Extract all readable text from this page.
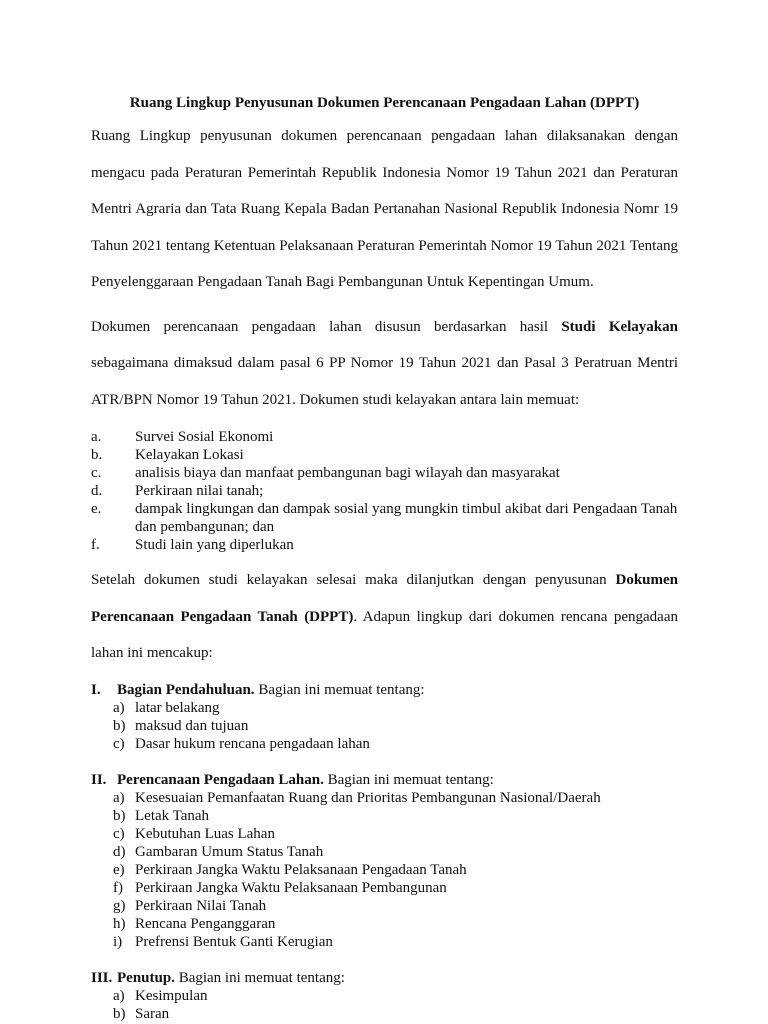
Ruang Lingkup Penyusunan Dokumen Perencanaan Pengadaan Lahan (DPPT)

Ruang Lingkup penyusunan dokumen perencanaan pengadaan lahan dilaksanakan dengan mengacu pada Peraturan Pemerintah Republik Indonesia Nomor 19 Tahun 2021 dan Peraturan Mentri Agraria dan Tata Ruang Kepala Badan Pertanahan Nasional Republik Indonesia Nomr 19 Tahun 2021 tentang Ketentuan Pelaksanaan Peraturan Pemerintah Nomor 19 Tahun 2021 Tentang Penyelenggaraan Pengadaan Tanah Bagi Pembangunan Untuk Kepentingan Umum.

Dokumen perencanaan pengadaan lahan disusun berdasarkan hasil Studi Kelayakan sebagaimana dimaksud dalam pasal 6 PP Nomor 19 Tahun 2021 dan Pasal 3 Peratruan Mentri ATR/BPN Nomor 19 Tahun 2021. Dokumen studi kelayakan antara lain memuat:

a. Survei Sosial Ekonomi
b. Kelayakan Lokasi
c. analisis biaya dan manfaat pembangunan bagi wilayah dan masyarakat
d. Perkiraan nilai tanah;
e. dampak lingkungan dan dampak sosial yang mungkin timbul akibat dari Pengadaan Tanah dan pembangunan; dan
f. Studi lain yang diperlukan

Setelah dokumen studi kelayakan selesai maka dilanjutkan dengan penyusunan Dokumen Perencanaan Pengadaan Tanah (DPPT). Adapun lingkup dari dokumen rencana pengadaan lahan ini mencakup:

I. Bagian Pendahuluan. Bagian ini memuat tentang:

a) latar belakang
b) maksud dan tujuan
c) Dasar hukum rencana pengadaan lahan

II. Perencanaan Pengadaan Lahan. Bagian ini memuat tentang:

a) Kesesuaian Pemanfaatan Ruang dan Prioritas Pembangunan Nasional/Daerah
b) Letak Tanah
c) Kebutuhan Luas Lahan
d) Gambaran Umum Status Tanah
e) Perkiraan Jangka Waktu Pelaksanaan Pengadaan Tanah
f) Perkiraan Jangka Waktu Pelaksanaan Pembangunan
g) Perkiraan Nilai Tanah
h) Rencana Penganggaran
i) Prefrensi Bentuk Ganti Kerugian

III. Penutup. Bagian ini memuat tentang:

a) Kesimpulan
b) Saran
